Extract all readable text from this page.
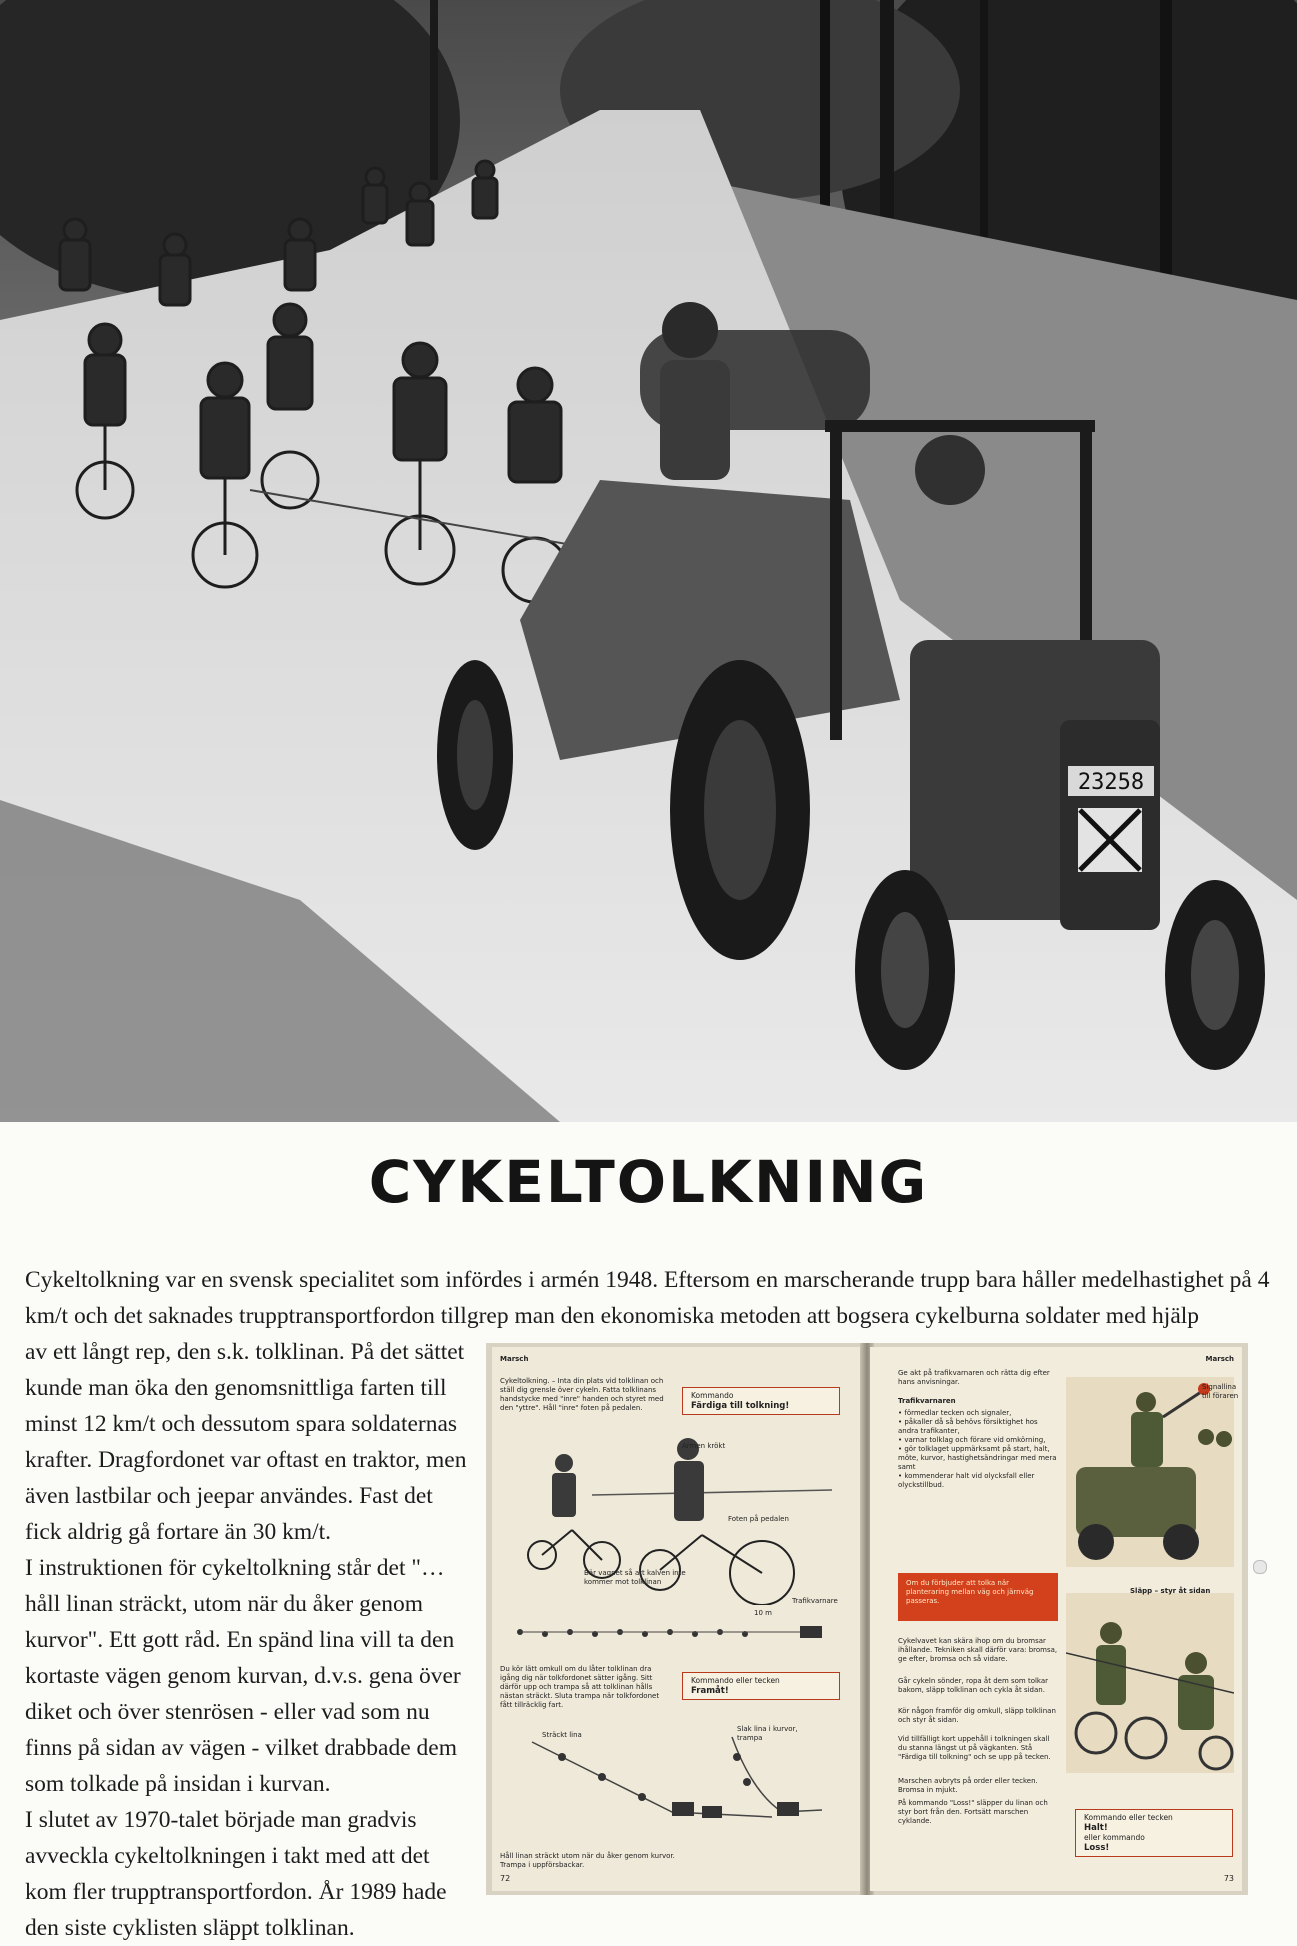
23258
CYKELTOLKNING

Cykeltolkning var en svensk specialitet som infördes i armén 1948. Eftersom en marscherande trupp bara håller medelhastighet på 4 km/t och det saknades trupptransportfordon tillgrep man den ekonomiska metoden att bogsera cykelburna soldater med hjälp

av ett långt rep, den s.k. tolklinan. På det sättet kunde man öka den genomsnittliga farten till minst 12 km/t och dessutom spara soldaternas krafter. Dragfordonet var oftast en traktor, men även lastbilar och jeepar användes. Fast det fick aldrig gå fortare än 30 km/t.
I instruktionen för cykeltolkning står det "… håll linan sträckt, utom när du åker genom kurvor". Ett gott råd. En spänd lina vill ta den kortaste vägen genom kurvan, d.v.s. gena över diket och över stenrösen - eller vad som nu finns på sidan av vägen - vilket drabbade dem som tolkade på insidan i kurvan.
I slutet av 1970-talet började man gradvis avveckla cykeltolkningen i takt med att det kom fler trupptransportfordon. År 1989 hade den siste cyklisten släppt tolklinan.
Marsch
Cykeltolkning. – Inta din plats vid tolklinan och ställ dig grensle över cykeln. Fatta tolklinans handstycke med "inre" handen och styret med den "yttre". Håll "inre" foten på pedalen.
Kommando
Färdiga till tolkning!
Armen krökt
Foten på pedalen
Bär vagnet så att kalven inte kommer mot tolklinan
10 m
Trafikvarnare
Du kör lätt omkull om du låter tolklinan dra igång dig när tolkfordonet sätter igång. Sitt därför upp och trampa så att tolklinan hålls nästan sträckt. Sluta trampa när tolkfordonet fått tillräcklig fart.
Kommando eller tecken
Framåt!
Sträckt lina
Slak lina i kurvor, trampa
Håll linan sträckt utom när du åker genom kurvor. Trampa i uppförsbackar.
72
Marsch
Ge akt på trafikvarnaren och rätta dig efter hans anvisningar.
Trafikvarnaren
• förmedlar tecken och signaler,
• påkaller då så behövs försiktighet hos andra trafikanter,
• varnar tolklag och förare vid omkörning,
• gör tolklaget uppmärksamt på start, halt, möte, kurvor, hastighetsändringar med mera samt
• kommenderar halt vid olycksfall eller olyckstillbud.
Signallina till föraren
Om du förbjuder att tolka när planteraring mellan väg och järnväg passeras.
Släpp – styr åt sidan
Cykelvavet kan skära ihop om du bromsar ihållande. Tekniken skall därför vara: bromsa, ge efter, bromsa och så vidare.
Går cykeln sönder, ropa åt dem som tolkar bakom, släpp tolklinan och cykla åt sidan.
Kör någon framför dig omkull, släpp tolklinan och styr åt sidan.
Vid tillfälligt kort uppehåll i tolkningen skall du stanna längst ut på vägkanten. Stå "Färdiga till tolkning" och se upp på tecken.
Marschen avbryts på order eller tecken. Bromsa in mjukt.
På kommando "Loss!" släpper du linan och styr bort från den. Fortsätt marschen cyklande.	Kommando eller tecken
Halt!
eller kommando
Loss!
73
